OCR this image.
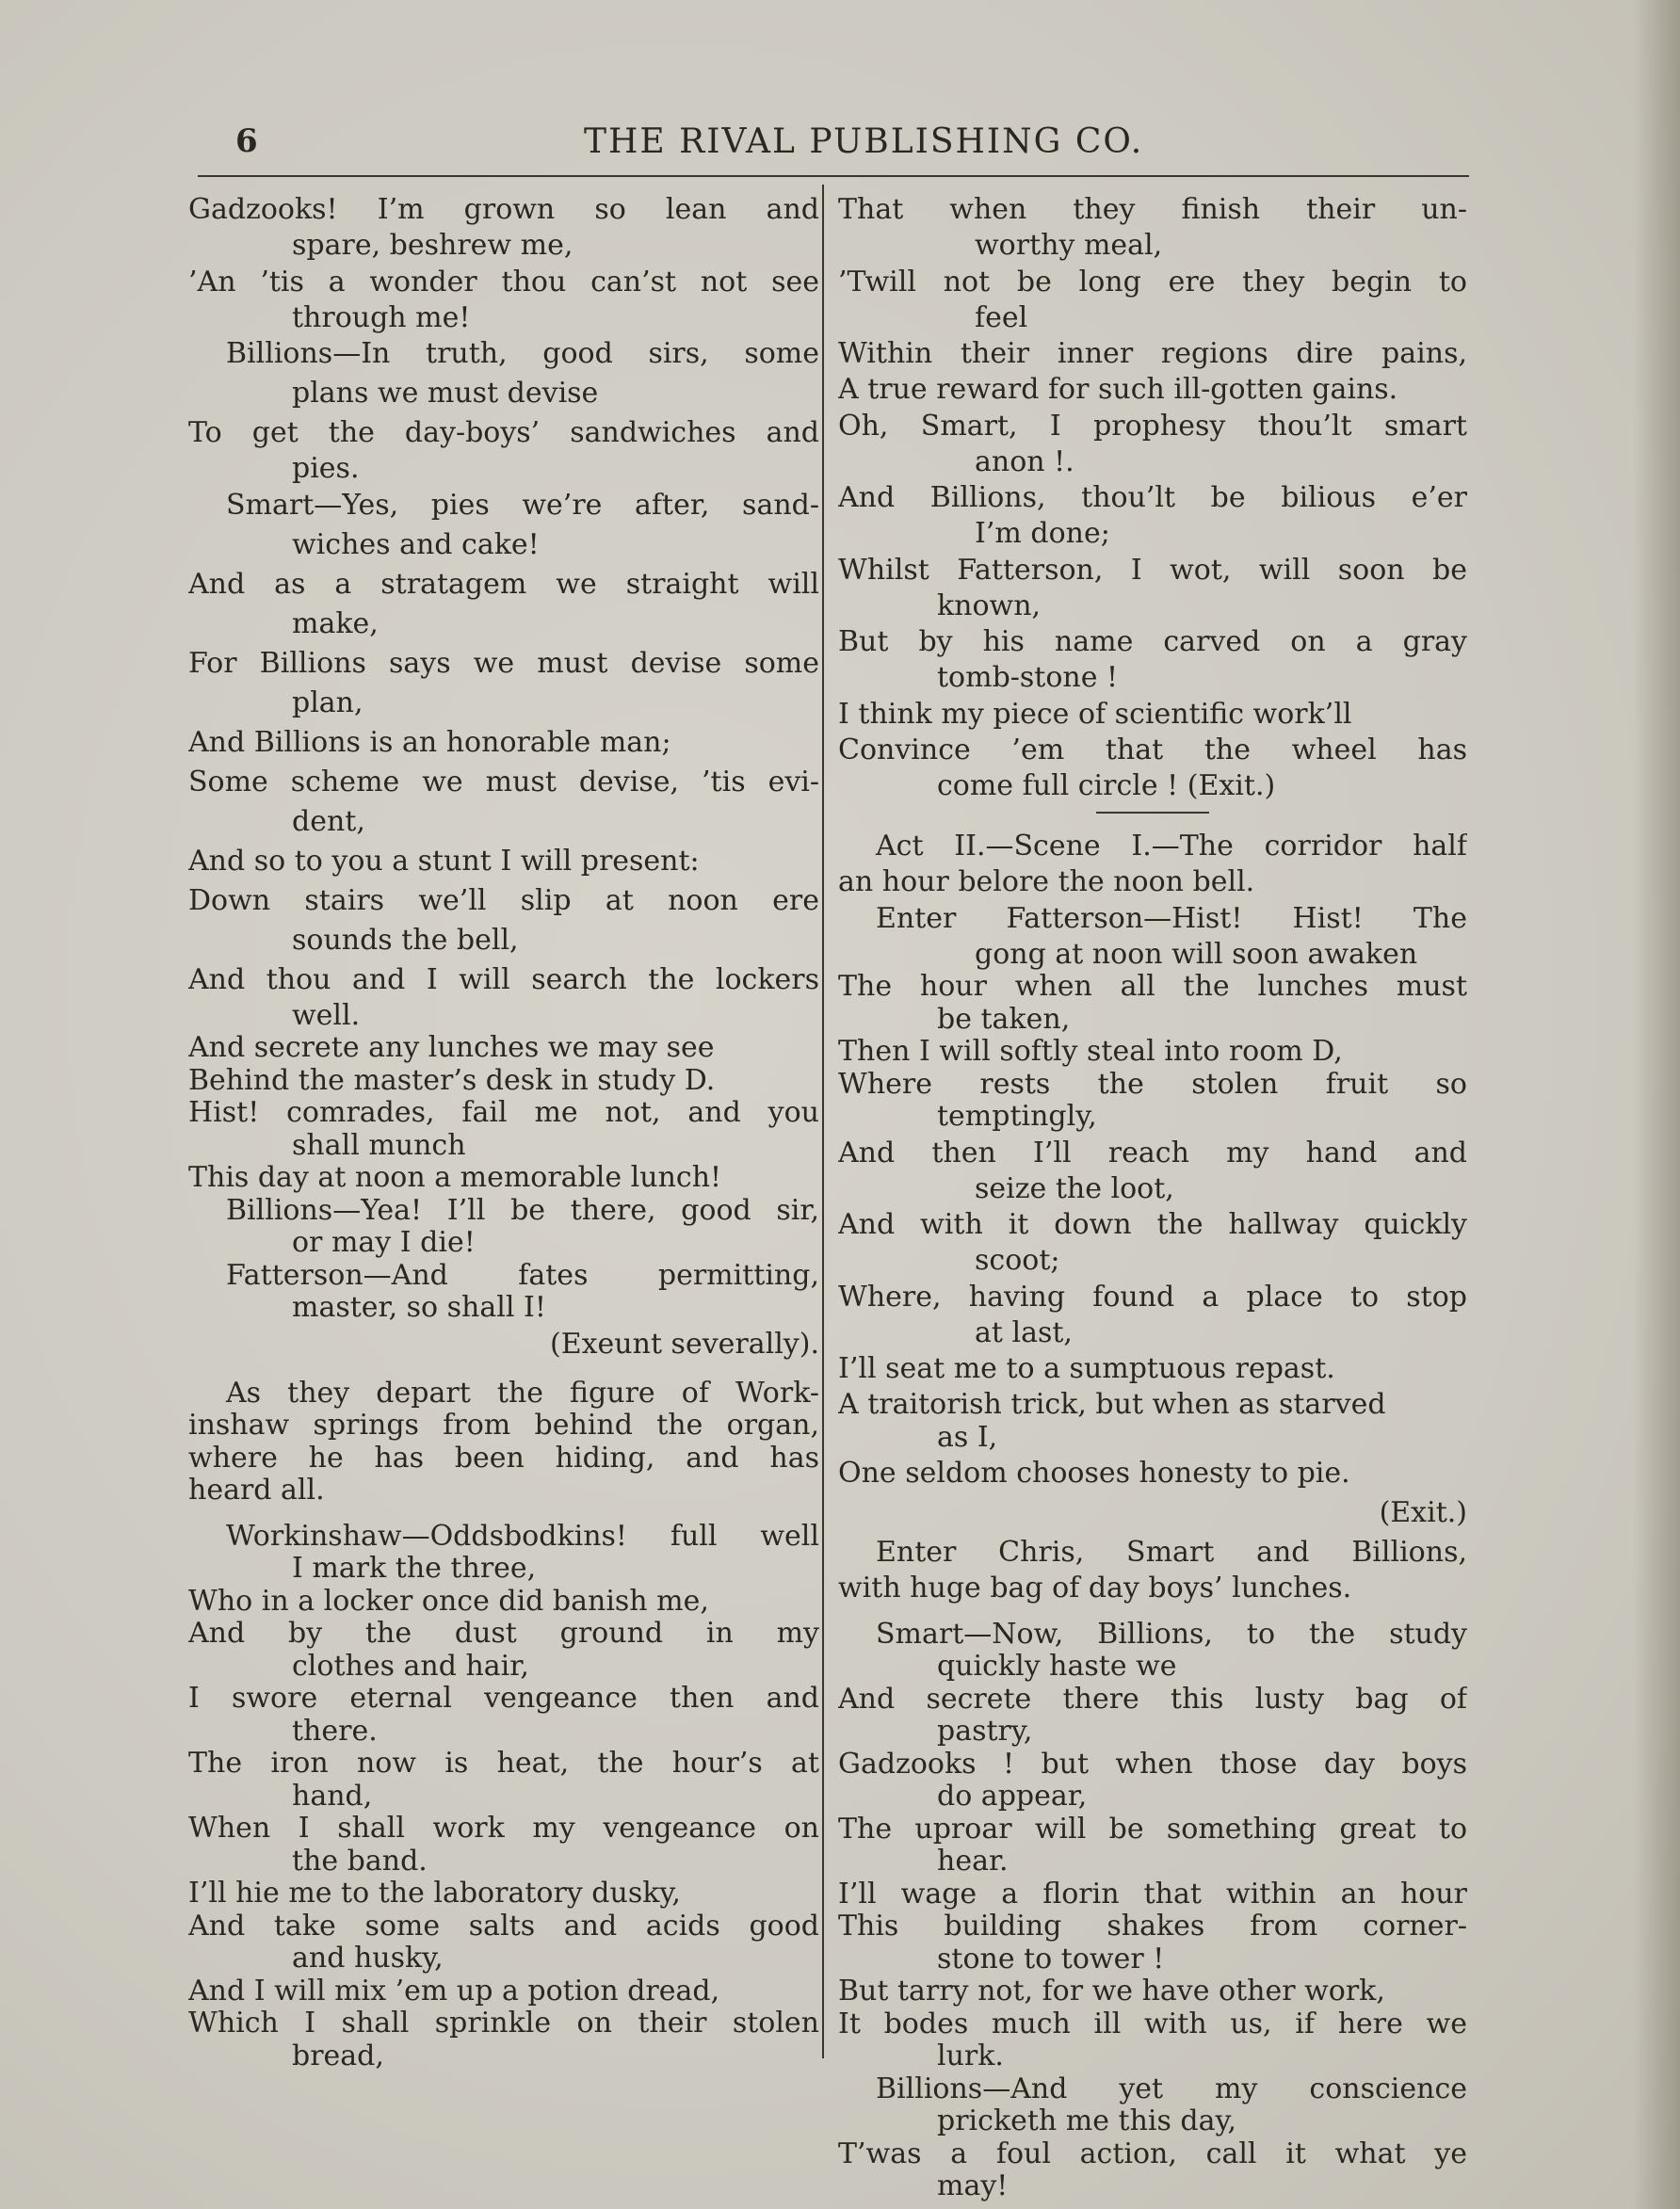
6	THE RIVAL PUBLISHING CO.
Gadzooks! I’m grown so lean and
spare, beshrew me,
’An ’tis a wonder thou can’st not see
through me!
Billions—In truth, good sirs, some
plans we must devise
To get the day-boys’ sandwiches and
pies.
Smart—Yes, pies we’re after, sand-
wiches and cake!
And as a stratagem we straight will
make,
For Billions says we must devise some
plan,
And Billions is an honorable man;
Some scheme we must devise, ’tis evi-
dent,
And so to you a stunt I will present:
Down stairs we’ll slip at noon ere
sounds the bell,
And thou and I will search the lockers
well.
And secrete any lunches we may see
Behind the master’s desk in study D.
Hist! comrades, fail me not, and you
shall munch
This day at noon a memorable lunch!
Billions—Yea! I’ll be there, good sir,
or may I die!
Fatterson—And fates permitting,
master, so shall I!
(Exeunt severally).
As they depart the figure of Work-
inshaw springs from behind the organ,
where he has been hiding, and has
heard all.
Workinshaw—Oddsbodkins! full well
I mark the three,
Who in a locker once did banish me,
And by the dust ground in my
clothes and hair,
I swore eternal vengeance then and
there.
The iron now is heat, the hour’s at
hand,
When I shall work my vengeance on
the band.
I’ll hie me to the laboratory dusky,
And take some salts and acids good
and husky,
And I will mix ’em up a potion dread,
Which I shall sprinkle on their stolen
bread,
That when they finish their un-
worthy meal,
’Twill not be long ere they begin to
feel
Within their inner regions dire pains,
A true reward for such ill-gotten gains.
Oh, Smart, I prophesy thou’lt smart
anon !.
And Billions, thou’lt be bilious e’er
I’m done;
Whilst Fatterson, I wot, will soon be
known,
But by his name carved on a gray
tomb-stone !
I think my piece of scientific work’ll
Convince ’em that the wheel has
come full circle ! (Exit.)
Act II.—Scene I.—The corridor half
an hour belore the noon bell.
Enter Fatterson—Hist! Hist! The
gong at noon will soon awaken
The hour when all the lunches must
be taken,
Then I will softly steal into room D,
Where rests the stolen fruit so
temptingly,
And then I’ll reach my hand and
seize the loot,
And with it down the hallway quickly
scoot;
Where, having found a place to stop
at last,
I’ll seat me to a sumptuous repast.
A traitorish trick, but when as starved
as I,
One seldom chooses honesty to pie.
(Exit.)
Enter Chris, Smart and Billions,
with huge bag of day boys’ lunches.
Smart—Now, Billions, to the study
quickly haste we
And secrete there this lusty bag of
pastry,
Gadzooks ! but when those day boys
do appear,
The uproar will be something great to
hear.
I’ll wage a florin that within an hour
This building shakes from corner-
stone to tower !
But tarry not, for we have other work,
It bodes much ill with us, if here we
lurk.
Billions—And yet my conscience
pricketh me this day,
T’was a foul action, call it what ye
may!
